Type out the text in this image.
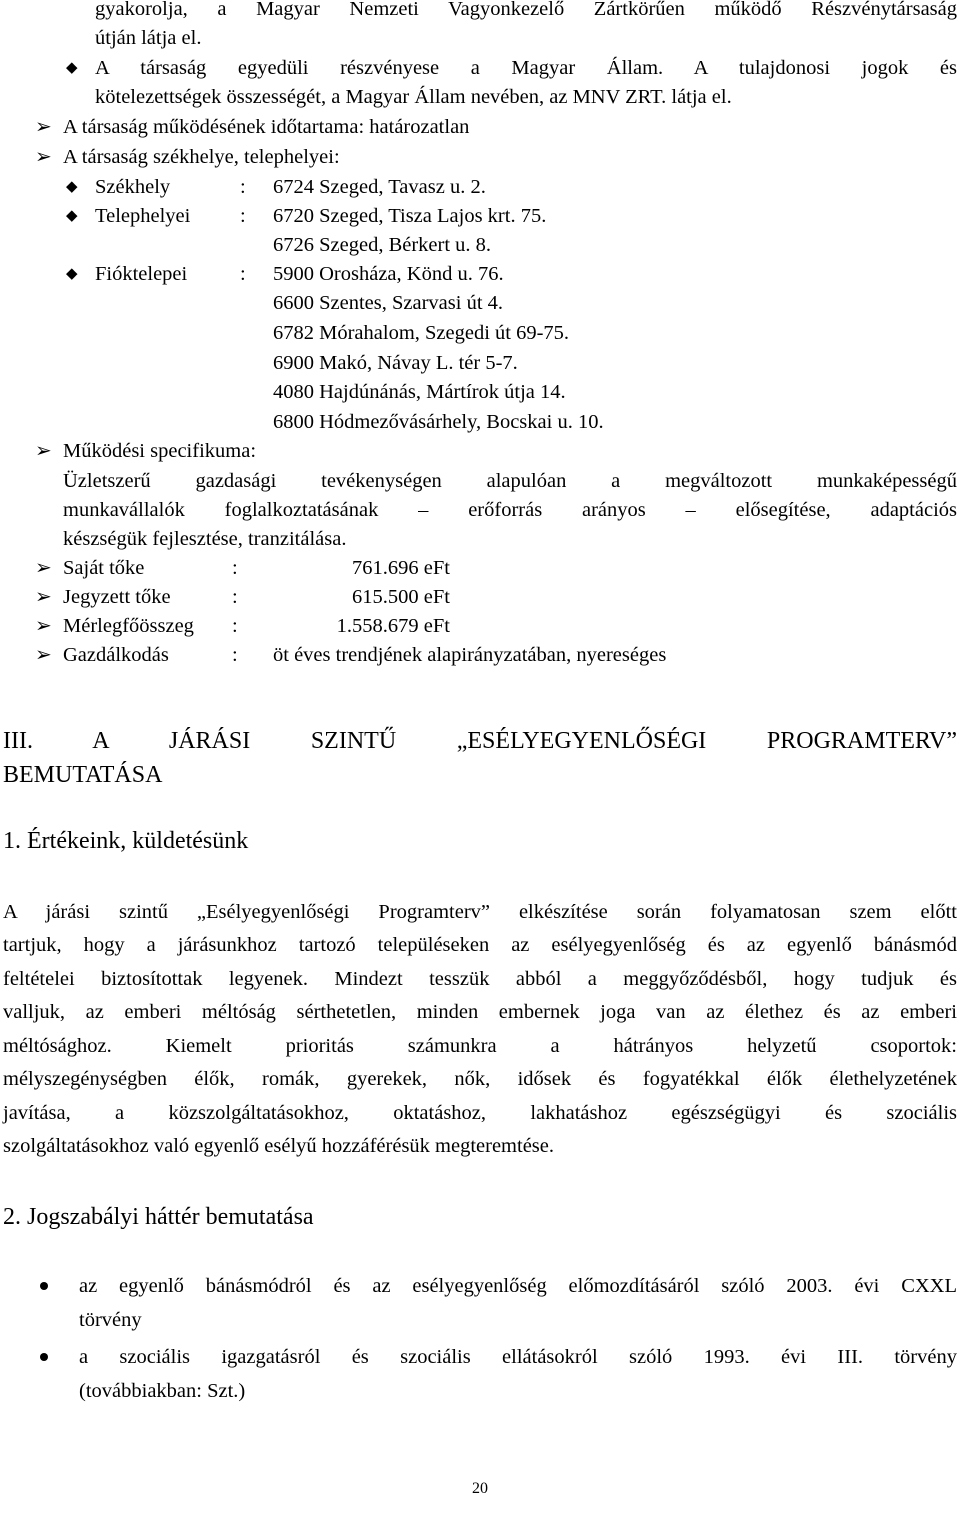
gyakorolja, a Magyar Nemzeti Vagyonkezelő Zártkörűen működő Részvénytársaság
útján látja el.
◆ A társaság egyedüli részvényese a Magyar Állam. A tulajdonosi jogok és
kötelezettségek összességét, a Magyar Állam nevében, az MNV ZRT. látja el.
➢ A társaság működésének időtartama: határozatlan
➢ A társaság székhelye, telephelyei:
◆ Székhely	: 6724 Szeged, Tavasz u. 2.
◆ Telephelyei : 6720 Szeged, Tisza Lajos krt. 75.
6726 Szeged, Bérkert u. 8.
◆ Fióktelepei	: 5900 Orosháza, Könd u. 76.
6600 Szentes, Szarvasi út 4.
6782 Mórahalom, Szegedi út 69-75.
6900 Makó, Návay L. tér 5-7.
4080 Hajdúnánás, Mártírok útja 14.
6800 Hódmezővásárhely, Bocskai u. 10.
➢ Működési specifikuma:
Üzletszerű gazdasági tevékenységen alapulóan a megváltozott munkaképességű
munkavállalók foglalkoztatásának – erőforrás arányos – elősegítése, adaptációs
készségük fejlesztése, tranzitálása.
➢ Saját tőke	:	761.696 eFt
➢ Jegyzett tőke	:	615.500 eFt
➢ Mérlegfőösszeg :	1.558.679 eFt
➢ Gazdálkodás	: öt éves trendjének alapirányzatában, nyereséges
III. A JÁRÁSI SZINTŰ „ESÉLYEGYENLŐSÉGI PROGRAMTERV”
BEMUTATÁSA
1. Értékeink, küldetésünk
A járási szintű „Esélyegyenlőségi Programterv” elkészítése során folyamatosan szem előtt
tartjuk, hogy a járásunkhoz tartozó településeken az esélyegyenlőség és az egyenlő bánásmód
feltételei biztosítottak legyenek. Mindezt tesszük abból a meggyőződésből, hogy tudjuk és
valljuk, az emberi méltóság sérthetetlen, minden embernek joga van az élethez és az emberi
méltósághoz. Kiemelt prioritás számunkra a hátrányos helyzetű csoportok:
mélyszegénységben élők, romák, gyerekek, nők, idősek és fogyatékkal élők élethelyzetének
javítása, a közszolgáltatásokhoz, oktatáshoz, lakhatáshoz egészségügyi és szociális
szolgáltatásokhoz való egyenlő esélyű hozzáférésük megteremtése.
2. Jogszabályi háttér bemutatása
az egyenlő bánásmódról és az esélyegyenlőség előmozdításáról szóló 2003. évi CXXL
törvény
a szociális igazgatásról és szociális ellátásokról szóló 1993. évi III. törvény
(továbbiakban: Szt.)
20
